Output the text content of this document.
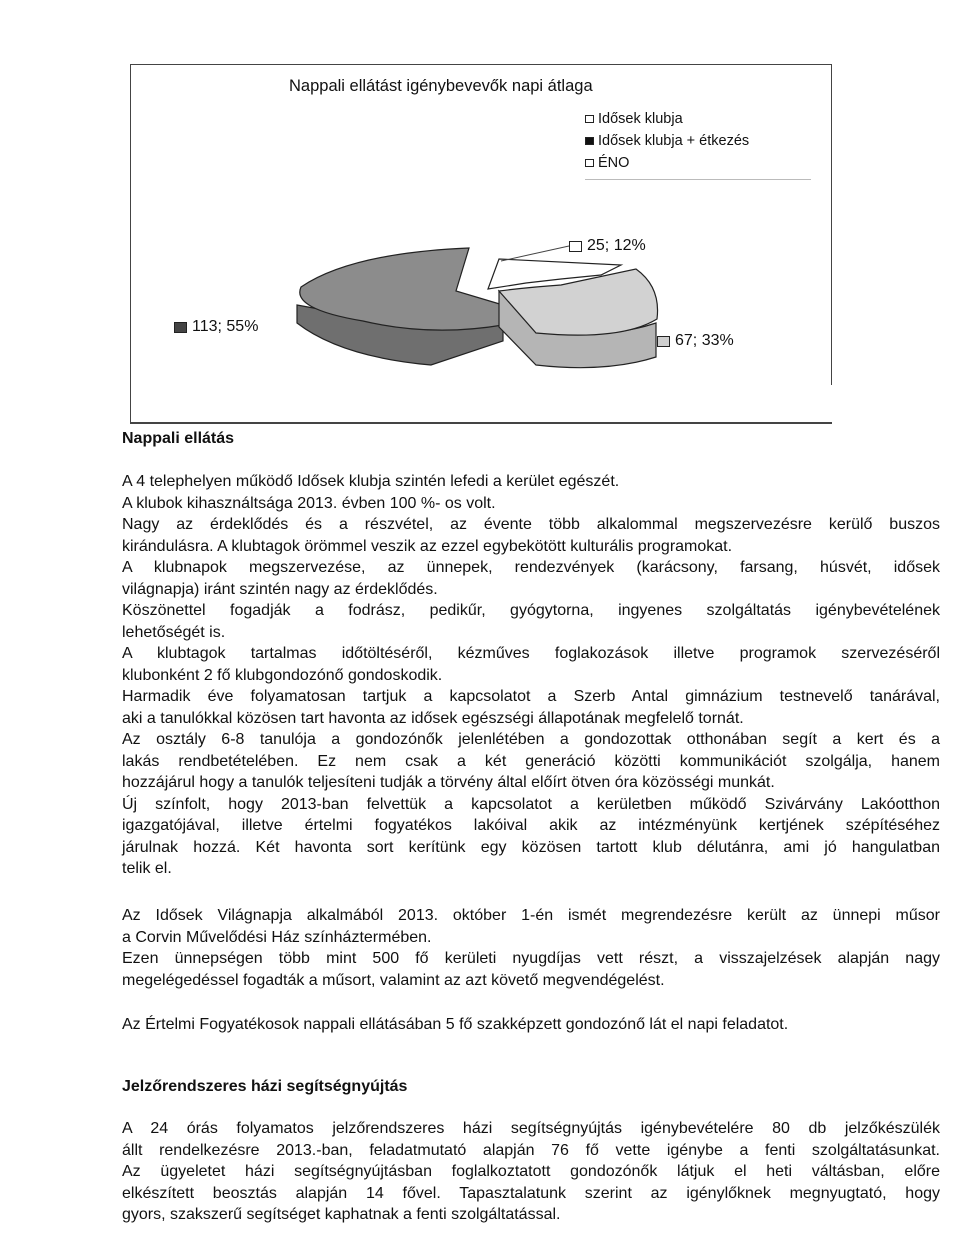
Nappali ellátást igénybevevők napi átlaga
Idősek klubja
Idősek klubja + étkezés
ÉNO
25; 12%
113; 55%
67; 33%
Nappali ellátás
A 4 telephelyen működő Idősek klubja szintén lefedi a kerület egészét.
A klubok kihasználtsága 2013. évben 100 %- os volt.
Nagy az érdeklődés és a részvétel, az évente több alkalommal megszervezésre kerülő buszos
kirándulásra. A klubtagok örömmel veszik az ezzel egybekötött kulturális programokat.
A klubnapok megszervezése, az ünnepek, rendezvények (karácsony, farsang, húsvét, idősek
világnapja) iránt szintén nagy az érdeklődés.
Köszönettel fogadják a fodrász, pedikűr, gyógytorna, ingyenes szolgáltatás igénybevételének
lehetőségét is.
A klubtagok tartalmas időtöltéséről, kézműves foglakozások illetve programok szervezéséről
klubonként 2 fő klubgondozónő gondoskodik.
Harmadik éve folyamatosan tartjuk a kapcsolatot a Szerb Antal gimnázium testnevelő tanárával,
aki a tanulókkal közösen tart havonta az idősek egészségi állapotának megfelelő tornát.
Az osztály 6-8 tanulója a gondozónők jelenlétében a gondozottak otthonában segít a kert és a
lakás rendbetételében. Ez nem csak a két generáció közötti kommunikációt szolgálja, hanem
hozzájárul hogy a tanulók teljesíteni tudják a törvény által előírt ötven óra közösségi munkát.
Új színfolt, hogy 2013-ban felvettük a kapcsolatot a kerületben működő Szivárvány Lakóotthon
igazgatójával, illetve értelmi fogyatékos lakóival akik az intézményünk kertjének szépítéséhez
járulnak hozzá. Két havonta sort kerítünk egy közösen tartott klub délutánra, ami jó hangulatban
telik el.
Az Idősek Világnapja alkalmából 2013. október 1-én ismét megrendezésre került az ünnepi műsor
a Corvin Művelődési Ház színháztermében.
Ezen ünnepségen több mint 500 fő kerületi nyugdíjas vett részt, a visszajelzések alapján nagy
megelégedéssel fogadták a műsort, valamint az azt követő megvendégelést.
Az Értelmi Fogyatékosok nappali ellátásában 5 fő szakképzett gondozónő lát el napi feladatot.
Jelzőrendszeres házi segítségnyújtás
A 24 órás folyamatos jelzőrendszeres házi segítségnyújtás igénybevételére 80 db jelzőkészülék
állt rendelkezésre 2013.-ban, feladatmutató alapján 76 fő vette igénybe a fenti szolgáltatásunkat.
Az ügyeletet házi segítségnyújtásban foglalkoztatott gondozónők látjuk el heti váltásban, előre
elkészített beosztás alapján 14 fővel. Tapasztalatunk szerint az igénylőknek megnyugtató, hogy
gyors, szakszerű segítséget kaphatnak a fenti szolgáltatással.
